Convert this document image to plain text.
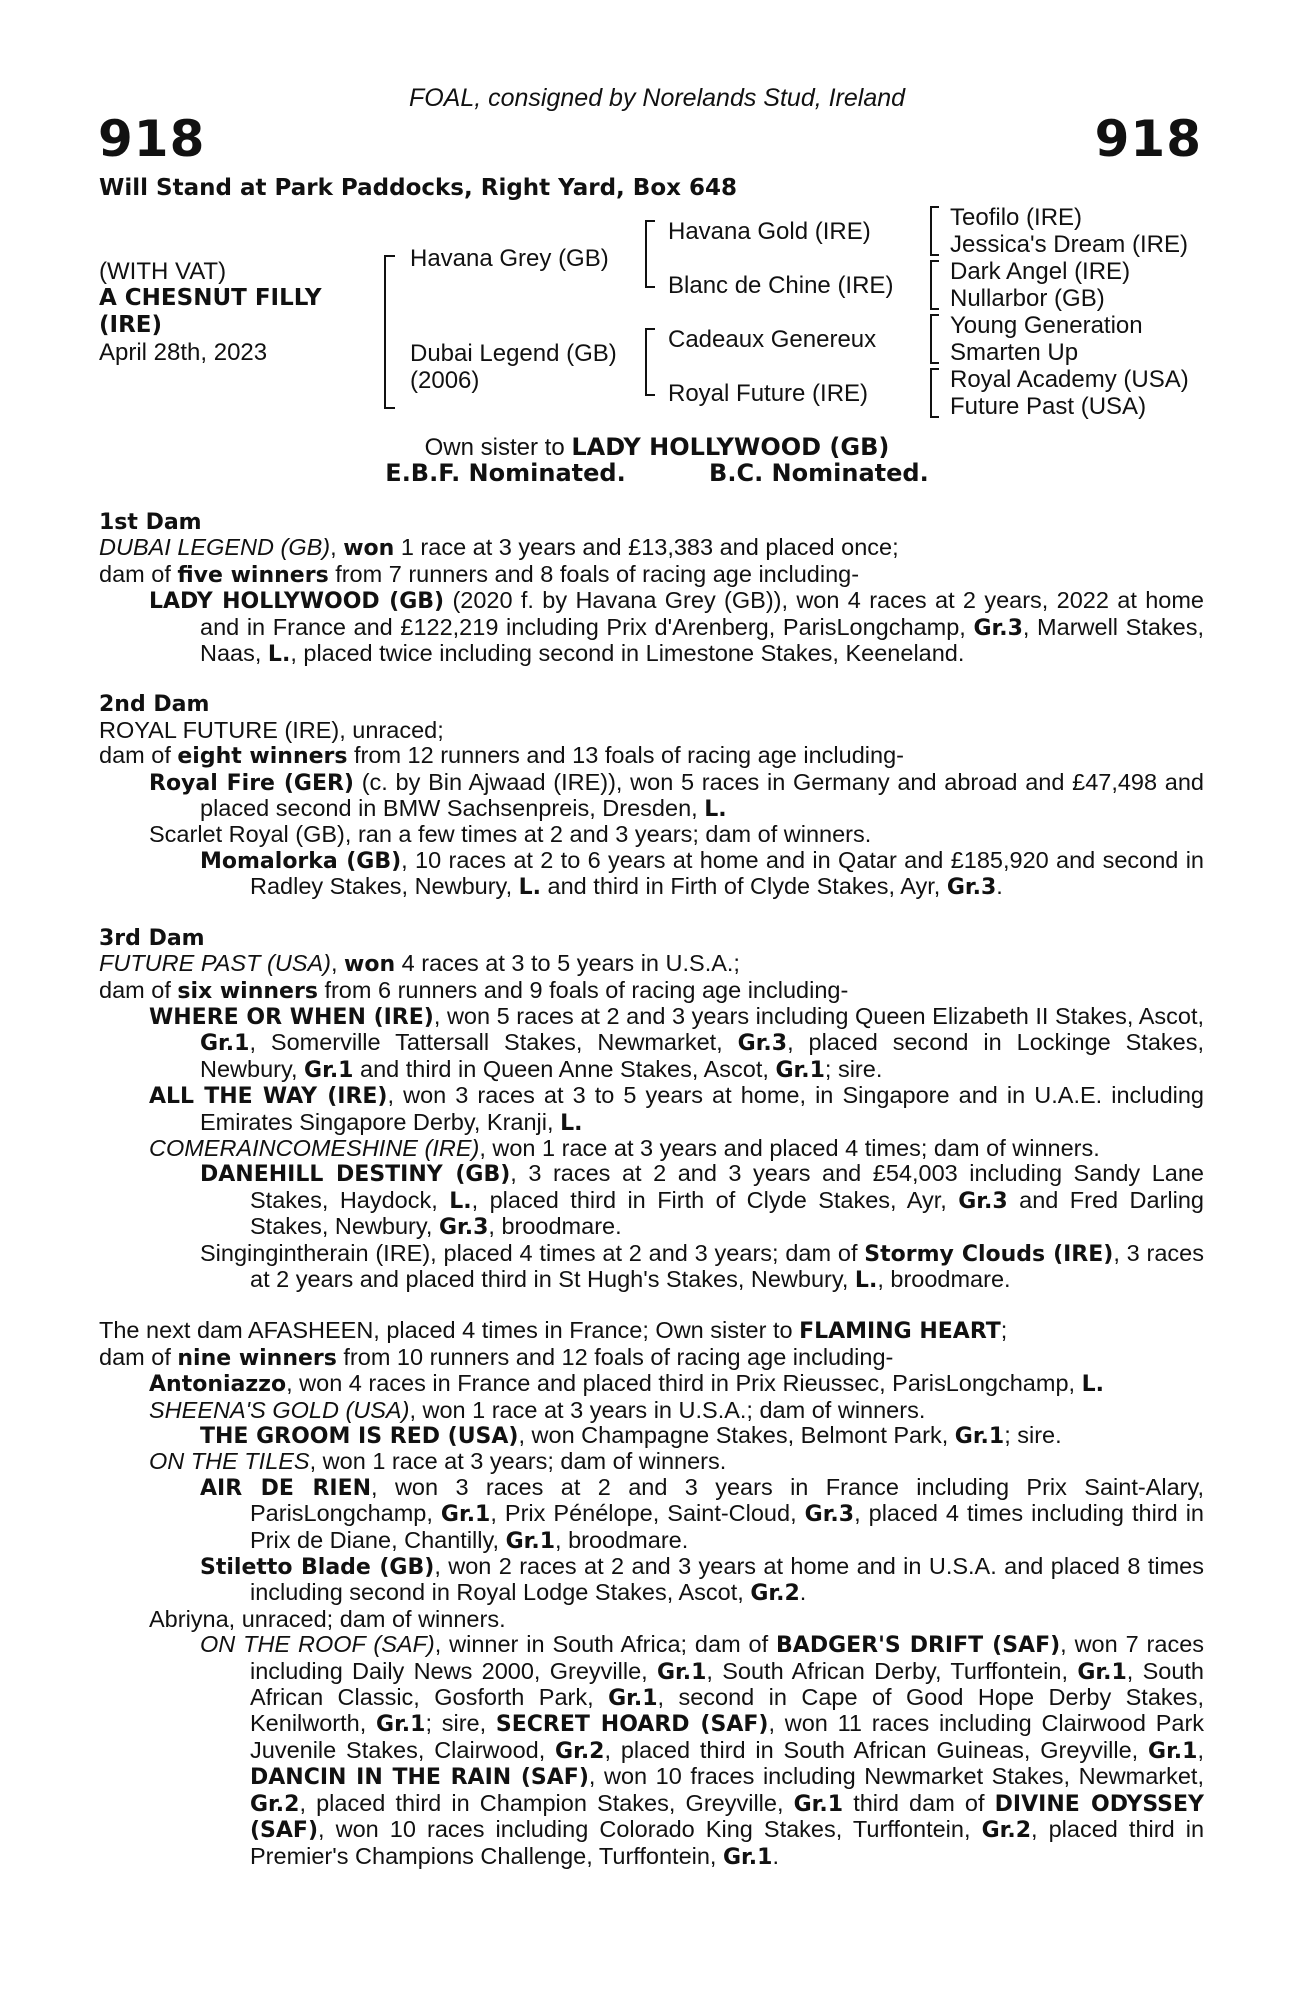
FOAL, consigned by Norelands Stud, Ireland
918	918
Will Stand at Park Paddocks, Right Yard, Box 648
(WITH VAT)
A CHESNUT FILLY
(IRE)
April 28th, 2023
Havana Grey (GB)
Dubai Legend (GB)
(2006)
Havana Gold (IRE)
Blanc de Chine (IRE)
Cadeaux Genereux
Royal Future (IRE)
Teofilo (IRE)
Jessica's Dream (IRE)
Dark Angel (IRE)
Nullarbor (GB)
Young Generation
Smarten Up
Royal Academy (USA)
Future Past (USA)
Own sister to LADY HOLLYWOOD (GB)
E.B.F. Nominated.	B.C. Nominated.

1st Dam

DUBAI LEGEND (GB), won 1 race at 3 years and £13,383 and placed once;

dam of five winners from 7 runners and 8 foals of racing age including-

LADY HOLLYWOOD (GB) (2020 f. by Havana Grey (GB)), won 4 races at 2 years, 2022 at home and in France and £122,219 including Prix d'Arenberg, ParisLongchamp, Gr.3, Marwell Stakes, Naas, L., placed twice including second in Limestone Stakes, Keeneland.

2nd Dam

ROYAL FUTURE (IRE), unraced;

dam of eight winners from 12 runners and 13 foals of racing age including-

Royal Fire (GER) (c. by Bin Ajwaad (IRE)), won 5 races in Germany and abroad and £47,498 and placed second in BMW Sachsenpreis, Dresden, L.

Scarlet Royal (GB), ran a few times at 2 and 3 years; dam of winners.

Momalorka (GB), 10 races at 2 to 6 years at home and in Qatar and £185,920 and second in Radley Stakes, Newbury, L. and third in Firth of Clyde Stakes, Ayr, Gr.3.

3rd Dam

FUTURE PAST (USA), won 4 races at 3 to 5 years in U.S.A.;

dam of six winners from 6 runners and 9 foals of racing age including-

WHERE OR WHEN (IRE), won 5 races at 2 and 3 years including Queen Elizabeth II Stakes, Ascot, Gr.1, Somerville Tattersall Stakes, Newmarket, Gr.3, placed second in Lockinge Stakes, Newbury, Gr.1 and third in Queen Anne Stakes, Ascot, Gr.1; sire.

ALL THE WAY (IRE), won 3 races at 3 to 5 years at home, in Singapore and in U.A.E. including Emirates Singapore Derby, Kranji, L.

COMERAINCOMESHINE (IRE), won 1 race at 3 years and placed 4 times; dam of winners.

DANEHILL DESTINY (GB), 3 races at 2 and 3 years and £54,003 including Sandy Lane Stakes, Haydock, L., placed third in Firth of Clyde Stakes, Ayr, Gr.3 and Fred Darling Stakes, Newbury, Gr.3, broodmare.

Singingintherain (IRE), placed 4 times at 2 and 3 years; dam of Stormy Clouds (IRE), 3 races at 2 years and placed third in St Hugh's Stakes, Newbury, L., broodmare.

The next dam AFASHEEN, placed 4 times in France; Own sister to FLAMING HEART;

dam of nine winners from 10 runners and 12 foals of racing age including-

Antoniazzo, won 4 races in France and placed third in Prix Rieussec, ParisLongchamp, L.

SHEENA'S GOLD (USA), won 1 race at 3 years in U.S.A.; dam of winners.

THE GROOM IS RED (USA), won Champagne Stakes, Belmont Park, Gr.1; sire.

ON THE TILES, won 1 race at 3 years; dam of winners.

AIR DE RIEN, won 3 races at 2 and 3 years in France including Prix Saint-Alary, ParisLongchamp, Gr.1, Prix Pénélope, Saint-Cloud, Gr.3, placed 4 times including third in Prix de Diane, Chantilly, Gr.1, broodmare.

Stiletto Blade (GB), won 2 races at 2 and 3 years at home and in U.S.A. and placed 8 times including second in Royal Lodge Stakes, Ascot, Gr.2.

Abriyna, unraced; dam of winners.

ON THE ROOF (SAF), winner in South Africa; dam of BADGER'S DRIFT (SAF), won 7 races including Daily News 2000, Greyville, Gr.1, South African Derby, Turffontein, Gr.1, South African Classic, Gosforth Park, Gr.1, second in Cape of Good Hope Derby Stakes, Kenilworth, Gr.1; sire, SECRET HOARD (SAF), won 11 races including Clairwood Park Juvenile Stakes, Clairwood, Gr.2, placed third in South African Guineas, Greyville, Gr.1, DANCIN IN THE RAIN (SAF), won 10 fraces including Newmarket Stakes, Newmarket, Gr.2, placed third in Champion Stakes, Greyville, Gr.1 third dam of DIVINE ODYSSEY (SAF), won 10 races including Colorado King Stakes, Turffontein, Gr.2, placed third in Premier's Champions Challenge, Turffontein, Gr.1.
